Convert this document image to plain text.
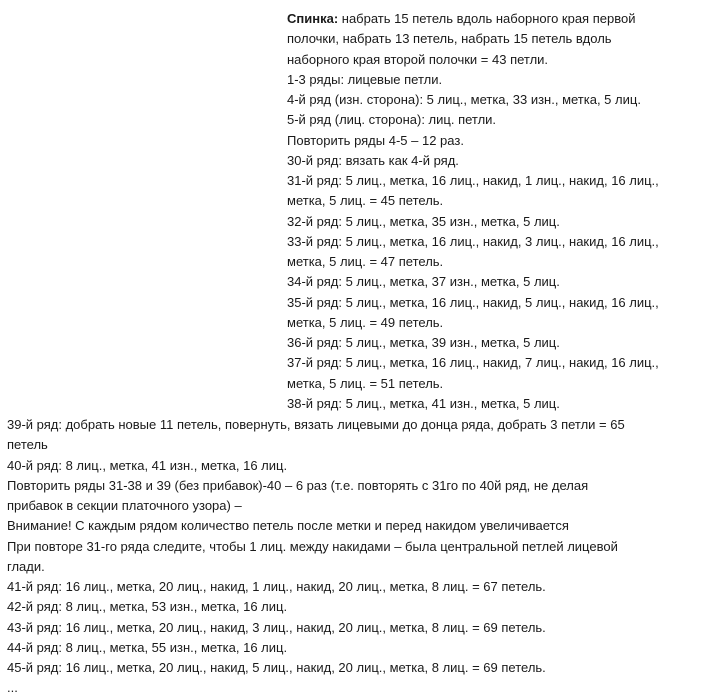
Спинка: набрать 15 петель вдоль наборного края первой
полочки, набрать 13 петель, набрать 15 петель вдоль
наборного края второй полочки = 43 петли.
1-3 ряды: лицевые петли.
4-й ряд (изн. сторона): 5 лиц., метка, 33 изн., метка, 5 лиц.
5-й ряд (лиц. сторона): лиц. петли.
Повторить ряды 4-5 – 12 раз.
30-й ряд: вязать как 4-й ряд.
31-й ряд: 5 лиц., метка, 16 лиц., накид, 1 лиц., накид, 16 лиц.,
метка, 5 лиц. = 45 петель.
32-й ряд: 5 лиц., метка, 35 изн., метка, 5 лиц.
33-й ряд: 5 лиц., метка, 16 лиц., накид, 3 лиц., накид, 16 лиц.,
метка, 5 лиц. = 47 петель.
34-й ряд: 5 лиц., метка, 37 изн., метка, 5 лиц.
35-й ряд: 5 лиц., метка, 16 лиц., накид, 5 лиц., накид, 16 лиц.,
метка, 5 лиц. = 49 петель.
36-й ряд: 5 лиц., метка, 39 изн., метка, 5 лиц.
37-й ряд: 5 лиц., метка, 16 лиц., накид, 7 лиц., накид, 16 лиц.,
метка, 5 лиц. = 51 петель.
38-й ряд: 5 лиц., метка, 41 изн., метка, 5 лиц.
39-й ряд: добрать новые 11 петель, повернуть, вязать лицевыми до донца ряда, добрать 3 петли = 65
петель
40-й ряд: 8 лиц., метка, 41 изн., метка, 16 лиц.
Повторить ряды 31-38 и 39 (без прибавок)-40 – 6 раз (т.е. повторять с 31го по 40й ряд, не делая
прибавок в секции платочного узора) –
Внимание! С каждым рядом количество петель после метки и перед накидом увеличивается
При повторе 31-го ряда следите, чтобы 1 лиц. между накидами – была центральной петлей лицевой
глади.
41-й ряд: 16 лиц., метка, 20 лиц., накид, 1 лиц., накид, 20 лиц., метка, 8 лиц. = 67 петель.
42-й ряд: 8 лиц., метка, 53 изн., метка, 16 лиц.
43-й ряд: 16 лиц., метка, 20 лиц., накид, 3 лиц., накид, 20 лиц., метка, 8 лиц. = 69 петель.
44-й ряд: 8 лиц., метка, 55 изн., метка, 16 лиц.
45-й ряд: 16 лиц., метка, 20 лиц., накид, 5 лиц., накид, 20 лиц., метка, 8 лиц. = 69 петель.
...
